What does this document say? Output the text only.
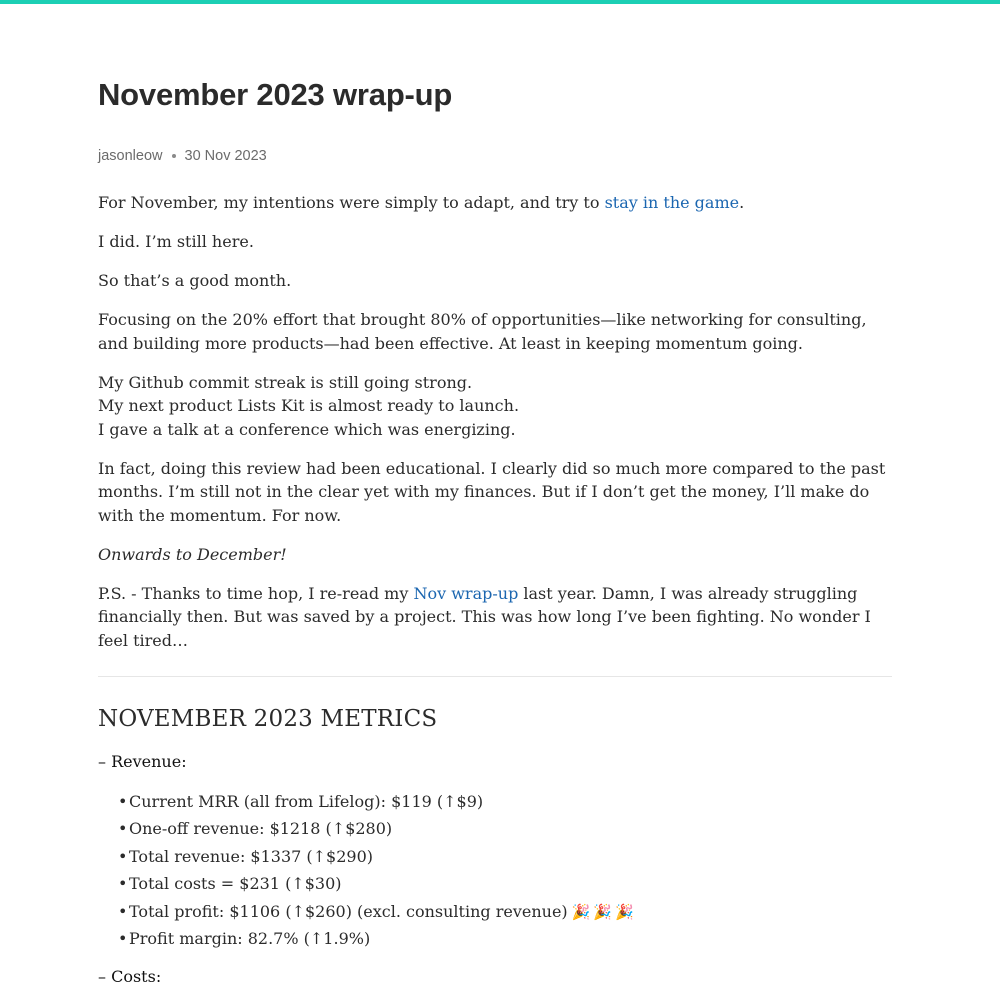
November 2023 wrap-up
jasonleow 30 Nov 2023

For November, my intentions were simply to adapt, and try to stay in the game.

I did. I’m still here.

So that’s a good month.

Focusing on the 20% effort that brought 80% of opportunities—like networking for consulting, and building more products—had been effective. At least in keeping momentum going.

My Github commit streak is still going strong.
My next product Lists Kit is almost ready to launch.
I gave a talk at a conference which was energizing.

In fact, doing this review had been educational. I clearly did so much more compared to the past months. I’m still not in the clear yet with my finances. But if I don’t get the money, I’ll make do with the momentum. For now.

Onwards to December!

P.S. - Thanks to time hop, I re-read my Nov wrap-up last year. Damn, I was already struggling financially then. But was saved by a project. This was how long I’ve been fighting. No wonder I feel tired…

NOVEMBER 2023 METRICS
– Revenue:
•Current MRR (all from Lifelog): $119 (↑$9)
•One-off revenue: $1218 (↑$280)
•Total revenue: $1337 (↑$290)
•Total costs = $231 (↑$30)
•Total profit: $1106 (↑$260) (excl. consulting revenue) 🎉🎉🎉
•Profit margin: 82.7% (↑1.9%)
– Costs:
